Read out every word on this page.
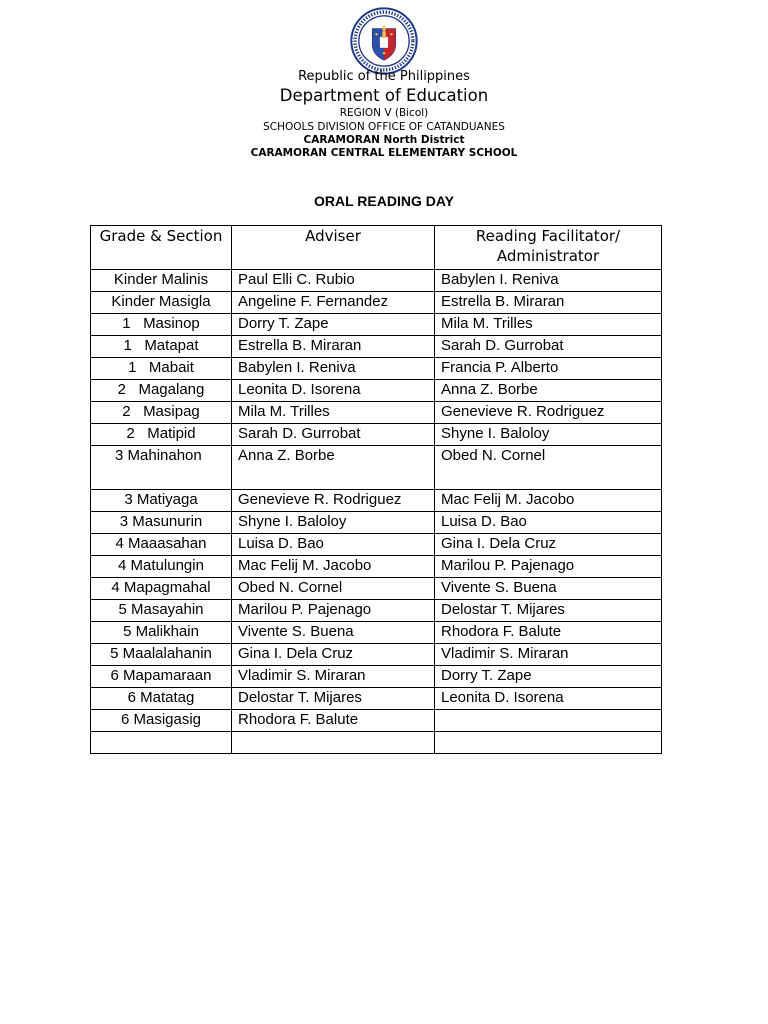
Republic of the Philippines
Department of Education
REGION V (Bicol)
SCHOOLS DIVISION OFFICE OF CATANDUANES
CARAMORAN North District
CARAMORAN CENTRAL ELEMENTARY SCHOOL
ORAL READING DAY
Grade & Section	Adviser	Reading Facilitator/ Administrator
Kinder Malinis	Paul Elli C. Rubio	Babylen I. Reniva
Kinder Masigla	Angeline F. Fernandez	Estrella B. Miraran
1   Masinop	Dorry T. Zape	Mila M. Trilles
1   Matapat	Estrella B. Miraran	Sarah D. Gurrobat
1   Mabait	Babylen I. Reniva	Francia P. Alberto
2   Magalang	Leonita D. Isorena	Anna Z. Borbe
2   Masipag	Mila M. Trilles	Genevieve R. Rodriguez
2   Matipid	Sarah D. Gurrobat	Shyne I. Baloloy
3 Mahinahon	Anna Z. Borbe	Obed N. Cornel
3 Matiyaga	Genevieve R. Rodriguez	Mac Felij M. Jacobo
3 Masunurin	Shyne I. Baloloy	Luisa D. Bao
4 Maaasahan	Luisa D. Bao	Gina I. Dela Cruz
4 Matulungin	Mac Felij M. Jacobo	Marilou P. Pajenago
4 Mapagmahal	Obed N. Cornel	Vivente S. Buena
5 Masayahin	Marilou P. Pajenago	Delostar T. Mijares
5 Malikhain	Vivente S. Buena	Rhodora F. Balute
5 Maalalahanin	Gina I. Dela Cruz	Vladimir S. Miraran
6 Mapamaraan	Vladimir S. Miraran	Dorry T. Zape
6 Matatag	Delostar T. Mijares	Leonita D. Isorena
6 Masigasig	Rhodora F. Balute	
